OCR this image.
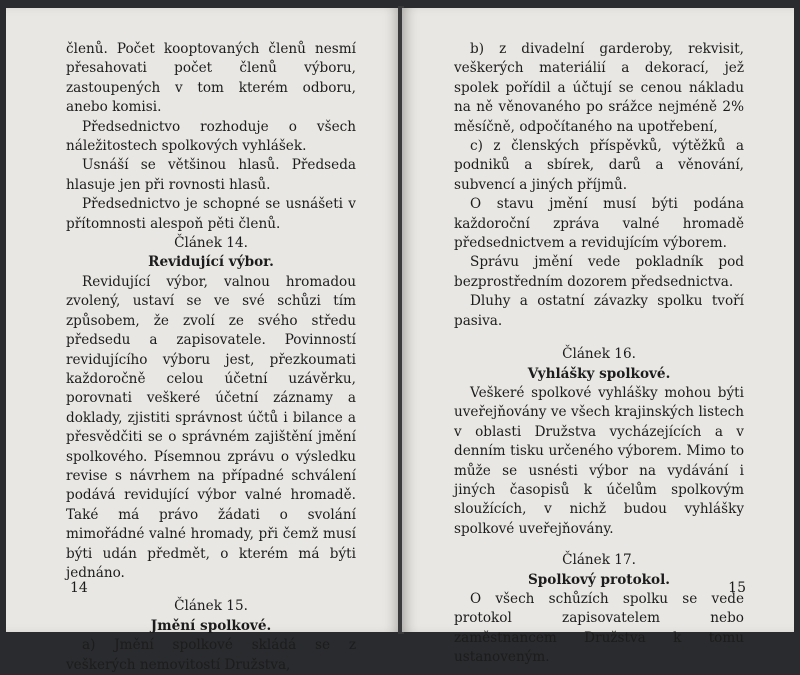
členů. Počet kooptovaných členů nesmí přesahovati počet členů výboru, zastoupených v tom kterém odboru, anebo komisi.

Předsednictvo rozhoduje o všech náležitostech spolkových vyhlášek.

Usnáší se většinou hlasů. Předseda hlasuje jen při rovnosti hlasů.

Předsednictvo je schopné se usnášeti v přítomnosti alespoň pěti členů.

Článek 14.

Revidující výbor.

Revidující výbor, valnou hromadou zvolený, ustaví se ve své schůzi tím způsobem, že zvolí ze svého středu předsedu a zapisovatele. Povinností revidujícího výboru jest, přezkoumati každoročně celou účetní uzávěrku, porovnati veškeré účetní záznamy a doklady, zjistiti správnost účtů i bilance a přesvědčiti se o správném zajištění jmění spolkového. Písemnou zprávu o výsledku revise s návrhem na případné schválení podává revidující výbor valné hromadě. Také má právo žádati o svolání mimořádné valné hromady, při čemž musí býti udán předmět, o kterém má býti jednáno.

Článek 15.

Jmění spolkové.

a) Jmění spolkové skládá se z veškerých nemovitostí Družstva,

14

b) z divadelní garderoby, rekvisit, veškerých materiálií a dekorací, jež spolek pořídil a účtují se cenou nákladu na ně věnovaného po srážce nejméně 2% měsíčně, odpočítaného na upotřebení,

c) z členských příspěvků, výtěžků a podniků a sbírek, darů a věnování, subvencí a jiných příjmů.

O stavu jmění musí býti podána každoroční zpráva valné hromadě předsednictvem a revidujícím výborem.

Správu jmění vede pokladník pod bezprostředním dozorem předsednictva.

Dluhy a ostatní závazky spolku tvoří pasiva.

Článek 16.

Vyhlášky spolkové.

Veškeré spolkové vyhlášky mohou býti uveřejňovány ve všech krajinských listech v oblasti Družstva vycházejících a v denním tisku určeného výborem. Mimo to může se usnésti výbor na vydávání i jiných časopisů k účelům spolkovým sloužících, v nichž budou vyhlášky spolkové uveřejňovány.

Článek 17.

Spolkový protokol.

O všech schůzích spolku se vede protokol zapisovatelem nebo zaměstnancem Družstva k tomu ustanoveným.

15
